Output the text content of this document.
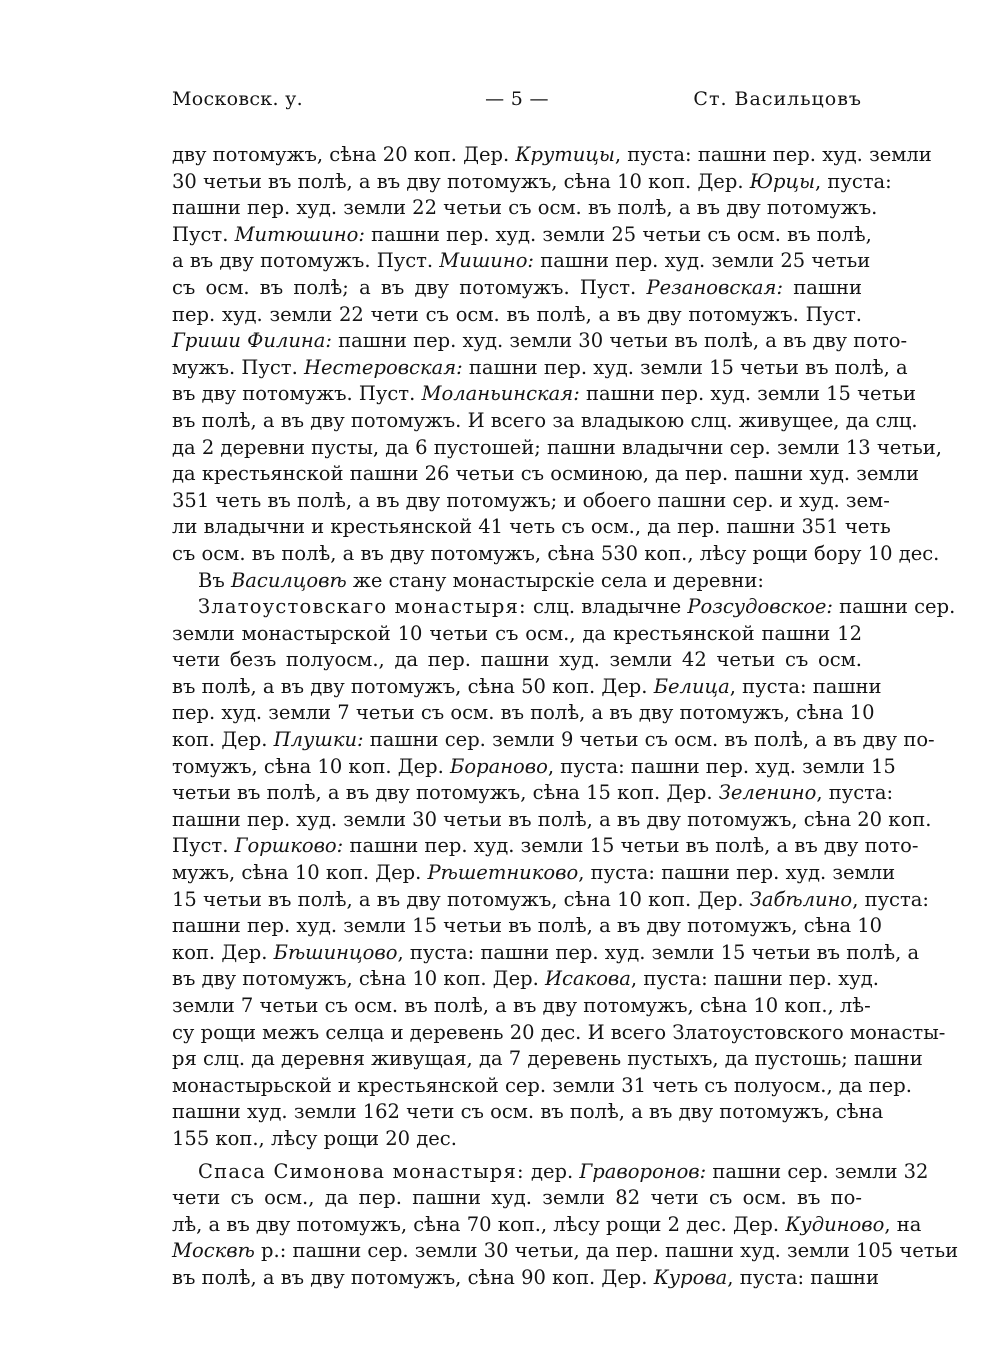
Московск. у.	— 5 —	Ст. Васильцовъ
дву потомужъ, сѣна 20 коп. Дер. Крутицы, пуста: пашни пер. худ. земли
30 четьи въ полѣ, а въ дву потомужъ, сѣна 10 коп. Дер. Юрцы, пуста:
пашни пер. худ. земли 22 четьи съ осм. въ полѣ, а въ дву потомужъ.
Пуст. Митюшино: пашни пер. худ. земли 25 четьи съ осм. въ полѣ,
а въ дву потомужъ. Пуст. Мишино: пашни пер. худ. земли 25 четьи
съ осм. въ полѣ; а въ дву потомужъ. Пуст. Резановская: пашни
пер. худ. земли 22 чети съ осм. въ полѣ, а въ дву потомужъ. Пуст.
Гриши Филина: пашни пер. худ. земли 30 четьи въ полѣ, а въ дву пото-
мужъ. Пуст. Нестеровская: пашни пер. худ. земли 15 четьи въ полѣ, а
въ дву потомужъ. Пуст. Моланьинская: пашни пер. худ. земли 15 четьи
въ полѣ, а въ дву потомужъ. И всего за владыкою слц. живущее, да слц.
да 2 деревни пусты, да 6 пустошей; пашни владычни сер. земли 13 четьи,
да крестьянской пашни 26 четьи съ осминою, да пер. пашни худ. земли
351 четь въ полѣ, а въ дву потомужъ; и обоего пашни сер. и худ. зем-
ли владычни и крестьянской 41 четь съ осм., да пер. пашни 351 четь
съ осм. въ полѣ, а въ дву потомужъ, сѣна 530 коп., лѣсу рощи бору 10 дес.
Въ Василцовѣ же стану монастырскіе села и деревни:
Златоустовскаго монастыря: слц. владычне Розсудовское: пашни сер.
земли монастырской 10 четьи съ осм., да крестьянской пашни 12
чети безъ полуосм., да пер. пашни худ. земли 42 четьи съ осм.
въ полѣ, а въ дву потомужъ, сѣна 50 коп. Дер. Белица, пуста: пашни
пер. худ. земли 7 четьи съ осм. въ полѣ, а въ дву потомужъ, сѣна 10
коп. Дер. Плушки: пашни сер. земли 9 четьи съ осм. въ полѣ, а въ дву по-
томужъ, сѣна 10 коп. Дер. Бораново, пуста: пашни пер. худ. земли 15
четьи въ полѣ, а въ дву потомужъ, сѣна 15 коп. Дер. Зеленино, пуста:
пашни пер. худ. земли 30 четьи въ полѣ, а въ дву потомужъ, сѣна 20 коп.
Пуст. Горшково: пашни пер. худ. земли 15 четьи въ полѣ, а въ дву пото-
мужъ, сѣна 10 коп. Дер. Рѣшетниково, пуста: пашни пер. худ. земли
15 четьи въ полѣ, а въ дву потомужъ, сѣна 10 коп. Дер. Забѣлино, пуста:
пашни пер. худ. земли 15 четьи въ полѣ, а въ дву потомужъ, сѣна 10
коп. Дер. Бѣшинцово, пуста: пашни пер. худ. земли 15 четьи въ полѣ, а
въ дву потомужъ, сѣна 10 коп. Дер. Исакова, пуста: пашни пер. худ.
земли 7 четьи съ осм. въ полѣ, а въ дву потомужъ, сѣна 10 коп., лѣ-
су рощи межъ селца и деревень 20 дес. И всего Златоустовского монасты-
ря слц. да деревня живущая, да 7 деревень пустыхъ, да пустошь; пашни
монастырьской и крестьянской сер. земли 31 четь съ полуосм., да пер.
пашни худ. земли 162 чети съ осм. въ полѣ, а въ дву потомужъ, сѣна
155 коп., лѣсу рощи 20 дес.
Спаса Симонова монастыря: дер. Граворонов: пашни сер. земли 32
чети съ осм., да пер. пашни худ. земли 82 чети съ осм. въ по-
лѣ, а въ дву потомужъ, сѣна 70 коп., лѣсу рощи 2 дес. Дер. Кудиново, на
Москвѣ р.: пашни сер. земли 30 четьи, да пер. пашни худ. земли 105 четьи
въ полѣ, а въ дву потомужъ, сѣна 90 коп. Дер. Курова, пуста: пашни
